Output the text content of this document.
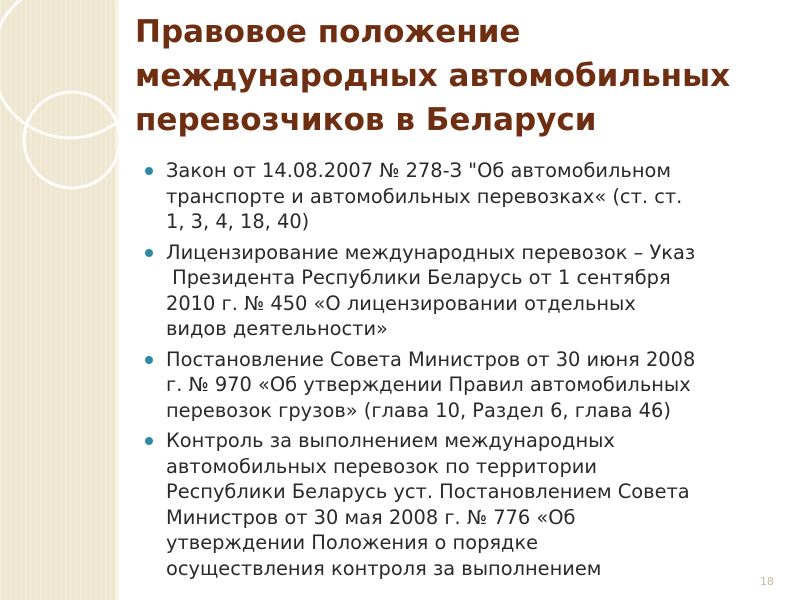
Правовое положение
международных автомобильных
перевозчиков в Беларуси
Закон от 14.08.2007 № 278-З "Об автомобильном
транспорте и автомобильных перевозках« (ст. ст.
1, 3, 4, 18, 40)
Лицензирование международных перевозок – Указ
Президента Республики Беларусь от 1 сентября
2010 г. № 450 «О лицензировании отдельных
видов деятельности»
Постановление Совета Министров от 30 июня 2008
г. № 970 «Об утверждении Правил автомобильных
перевозок грузов» (глава 10, Раздел 6, глава 46)
Контроль за выполнением международных
автомобильных перевозок по территории
Республики Беларусь уст. Постановлением Совета
Министров от 30 мая 2008 г. № 776 «Об
утверждении Положения о порядке
осуществления контроля за выполнением
18
